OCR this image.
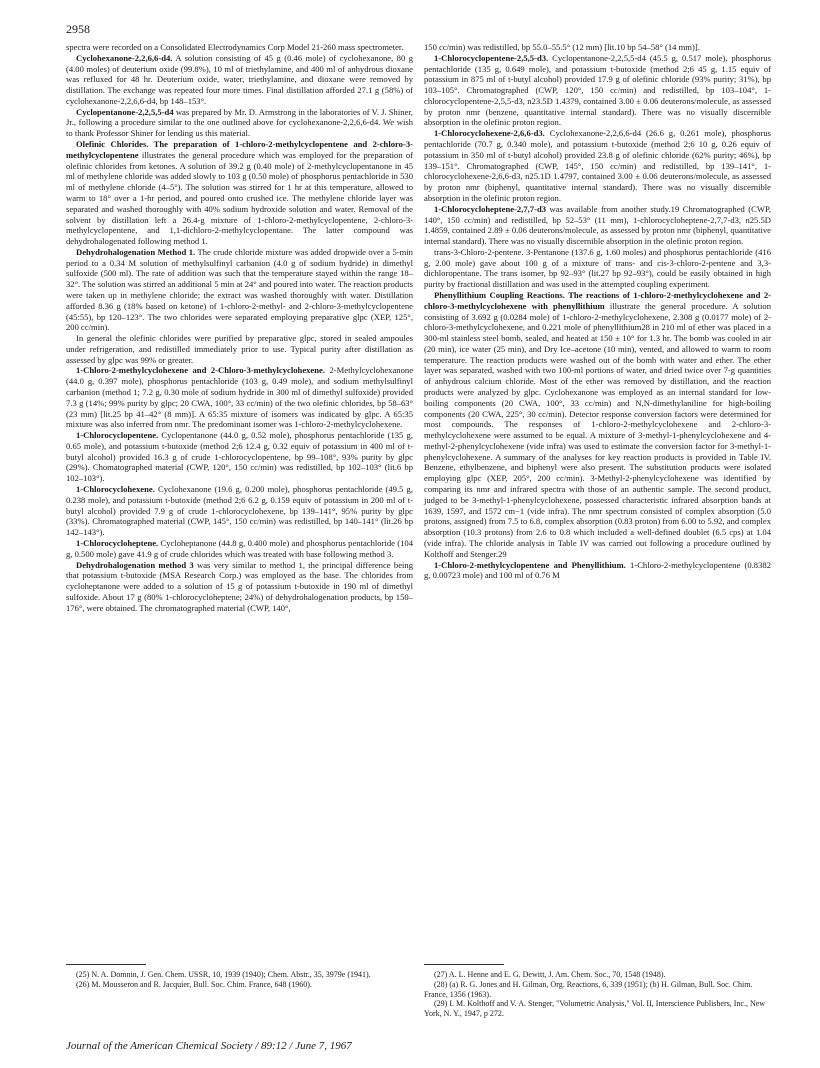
2958

spectra were recorded on a Consolidated Electrodynamics Corp Model 21-260 mass spectrometer.

Cyclohexanone-2,2,6,6-d4. A solution consisting of 45 g (0.46 mole) of cyclohexanone, 80 g (4.00 moles) of deuterium oxide (99.8%), 10 ml of triethylamine, and 400 ml of anhydrous dioxane was refluxed for 48 hr. Deuterium oxide, water, triethylamine, and dioxane were removed by distillation. The exchange was repeated four more times. Final distillation afforded 27.1 g (58%) of cyclohexanone-2,2,6,6-d4, bp 148–153°.

Cyclopentanone-2,2,5,5-d4 was prepared by Mr. D. Armstrong in the laboratories of V. J. Shiner, Jr., following a procedure similar to the one outlined above for cyclohexanone-2,2,6,6-d4. We wish to thank Professor Shiner for lending us this material.

Olefinic Chlorides. The preparation of 1-chloro-2-methylcyclopentene and 2-chloro-3-methylcyclopentene illustrates the general procedure which was employed for the preparation of olefinic chlorides from ketones. A solution of 39.2 g (0.40 mole) of 2-methylcyclopentanone in 45 ml of methylene chloride was added slowly to 103 g (0.50 mole) of phosphorus pentachloride in 530 ml of methylene chloride (4–5°). The solution was stirred for 1 hr at this temperature, allowed to warm to 18° over a 1-hr period, and poured onto crushed ice. The methylene chloride layer was separated and washed thoroughly with 40% sodium hydroxide solution and water. Removal of the solvent by distillation left a 26.4-g mixture of 1-chloro-2-methylcyclopentene, 2-chloro-3-methylcyclopentene, and 1,1-dichloro-2-methylcyclopentane. The latter compound was dehydrohalogenated following method 1.

Dehydrohalogenation Method 1. The crude chloride mixture was added dropwide over a 5-min period to a 0.34 M solution of methylsulfinyl carbanion (4.0 g of sodium hydride) in dimethyl sulfoxide (500 ml). The rate of addition was such that the temperature stayed within the range 18–32°. The solution was stirred an additional 5 min at 24° and poured into water. The reaction products were taken up in methylene chloride; the extract was washed thoroughly with water. Distillation afforded 8.36 g (18% based on ketone) of 1-chloro-2-methyl- and 2-chloro-3-methylcyclopentene (45:55), bp 120–123°. The two chlorides were separated employing preparative glpc (XEP, 125°, 200 cc/min).

In general the olefinic chlorides were purified by preparative glpc, stored in sealed ampoules under refrigeration, and redistilled immediately prior to use. Typical purity after distillation as assessed by glpc was 99% or greater.

1-Chloro-2-methylcyclohexene and 2-Chloro-3-methylcyclohexene. 2-Methylcyclohexanone (44.0 g, 0.397 mole), phosphorus pentachloride (103 g, 0.49 mole), and sodium methylsulfinyl carbanion (method 1; 7.2 g, 0.30 mole of sodium hydride in 300 ml of dimethyl sulfoxide) provided 7.3 g (14%; 99% purity by glpc; 20 CWA, 100°, 33 cc/min) of the two olefinic chlorides, bp 58–63° (23 mm) [lit.25 bp 41–42° (8 mm)]. A 65:35 mixture of isomers was indicated by glpc. A 65:35 mixture was also inferred from nmr. The predominant isomer was 1-chloro-2-methylcyclohexene.

1-Chlorocyclopentene. Cyclopentanone (44.0 g, 0.52 mole), phosphorus pentachloride (135 g, 0.65 mole), and potassium t-butoxide (method 2;6 12.4 g, 0.32 equiv of potassium in 400 ml of t-butyl alcohol) provided 16.3 g of crude 1-chlorocyclopentene, bp 99–108°, 93% purity by glpc (29%). Chomatographed material (CWP, 120°, 150 cc/min) was redistilled, bp 102–103° (lit.6 bp 102–103°).

1-Chlorocyclohexene. Cyclohexanone (19.6 g, 0.200 mole), phosphorus pentachloride (49.5 g, 0.238 mole), and potassium t-butoxide (method 2;6 6.2 g, 0.159 equiv of potassium in 200 ml of t-butyl alcohol) provided 7.9 g of crude 1-chlorocyclohexene, bp 139–141°, 95% purity by glpc (33%). Chromatographed material (CWP, 145°, 150 cc/min) was redistilled, bp 140–141° (lit.26 bp 142–143°).

1-Chlorocycloheptene. Cycloheptanone (44.8 g, 0.400 mole) and phosphorus pentachloride (104 g, 0.500 mole) gave 41.9 g of crude chlorides which was treated with base following method 3.

Dehydrohalogenation method 3 was very similar to method 1, the principal difference being that potassium t-butoxide (MSA Research Corp.) was employed as the base. The chlorides from cycloheptanone were added to a solution of 15 g of potassium t-butoxide in 190 ml of dimethyl sulfoxide. About 17 g (80% 1-chlorocycloheptene; 24%) of dehydrohalogenation products, bp 150–176°, were obtained. The chromatographed material (CWP, 140°,

150 cc/min) was redistilled, bp 55.0–55.5° (12 mm) [lit.10 bp 54–58° (14 mm)].

1-Chlorocyclopentene-2,5,5-d3. Cyclopentanone-2,2,5,5-d4 (45.5 g, 0.517 mole), phosphorus pentachloride (135 g, 0.649 mole), and potassium t-butoxide (method 2;6 45 g, 1.15 equiv of potassium in 875 ml of t-butyl alcohol) provided 17.9 g of olefinic chloride (93% purity; 31%), bp 103–105°. Chromatographed (CWP, 120°, 150 cc/min) and redistilled, bp 103–104°, 1-chlorocyclopentene-2,5,5-d3, n23.5D 1.4379, contained 3.00 ± 0.06 deuterons/molecule, as assessed by proton nmr (benzene, quantitative internal standard). There was no visually discernible absorption in the olefinic proton region.

1-Chlorocyclohexene-2,6,6-d3. Cyclohexanone-2,2,6,6-d4 (26.6 g, 0.261 mole), phosphorus pentachloride (70.7 g, 0.340 mole), and potassium t-butoxide (method 2;6 10 g, 0.26 equiv of potassium in 350 ml of t-butyl alcohol) provided 23.8 g of olefinic chloride (62% purity; 46%), bp 139–151°. Chromatographed (CWP, 145°, 150 cc/min) and redistilled, bp 139–141°, 1-chlorocyclohexene-2,6,6-d3, n25.1D 1.4797, contained 3.00 ± 0.06 deuterons/molecule, as assessed by proton nmr (biphenyl, quantitative internal standard). There was no visually discernible absorption in the olefinic proton region.

1-Chlorocycloheptene-2,7,7-d3 was available from another study.19 Chromatographed (CWP, 140°, 150 cc/min) and redistilled, bp 52–53° (11 mm), 1-chlorocycloheptene-2,7,7-d3, n25.5D 1.4859, contained 2.89 ± 0.06 deuterons/molecule, as assessed by proton nmr (biphenyl, quantitative internal standard). There was no visually discernible absorption in the olefinic proton region.

trans-3-Chloro-2-pentene. 3-Pentanone (137.6 g, 1.60 moles) and phosphorus pentachloride (416 g, 2.00 mole) gave about 100 g of a mixture of trans- and cis-3-chloro-2-pentene and 3,3-dichloropentane. The trans isomer, bp 92–93° (lit.27 bp 92–93°), could be easily obtained in high purity by fractional distillation and was used in the attempted coupling experiment.

Phenyllithium Coupling Reactions. The reactions of 1-chloro-2-methylcyclohexene and 2-chloro-3-methylcyclohexene with phenyllithium illustrate the general procedure. A solution consisting of 3.692 g (0.0284 mole) of 1-chloro-2-methylcyclohexene, 2.308 g (0.0177 mole) of 2-chloro-3-methylcyclohexene, and 0.221 mole of phenyllithium28 in 210 ml of ether was placed in a 300-ml stainless steel bomb, sealed, and heated at 150 ± 10° for 1.3 hr. The bomb was cooled in air (20 min), ice water (25 min), and Dry Ice–acetone (10 min), vented, and allowed to warm to room temperature. The reaction products were washed out of the bomb with water and ether. The ether layer was separated, washed with two 100-ml portions of water, and dried twice over 7-g quantities of anhydrous calcium chloride. Most of the ether was removed by distillation, and the reaction products were analyzed by glpc. Cyclohexanone was employed as an internal standard for low-boiling components (20 CWA, 100°, 33 cc/min) and N,N-dimethylaniline for high-boiling components (20 CWA, 225°, 30 cc/min). Detector response conversion factors were determined for most compounds. The responses of 1-chloro-2-methylcyclohexene and 2-chloro-3-methylcyclohexene were assumed to be equal. A mixture of 3-methyl-1-phenylcyclohexene and 4-methyl-2-phenylcyclohexene (vide infra) was used to estimate the conversion factor for 3-methyl-1-phenylcyclohexene. A summary of the analyses for key reaction products is provided in Table IV. Benzene, ethylbenzene, and biphenyl were also present. The substitution products were isolated employing glpc (XEP, 205°, 200 cc/min). 3-Methyl-2-phenylcyclohexene was identified by comparing its nmr and infrared spectra with those of an authentic sample. The second product, judged to be 3-methyl-1-phenylcyclohexene, possessed characteristic infrared absorption bands at 1639, 1597, and 1572 cm−1 (vide infra). The nmr spectrum consisted of complex absorption (5.0 protons, assigned) from 7.5 to 6.8, complex absorption (0.83 proton) from 6.00 to 5.92, and complex absorption (10.3 protons) from 2.6 to 0.8 which included a well-defined doublet (6.5 cps) at 1.04 (vide infra). The chloride analysis in Table IV was carried out following a procedure outlined by Kolthoff and Stenger.29

1-Chloro-2-methylcyclopentene and Phenyllithium. 1-Chloro-2-methylcyclopentene (0.8382 g, 0.00723 mole) and 100 ml of 0.76 M

(25) N. A. Domnin, J. Gen. Chem. USSR, 10, 1939 (1940); Chem. Abstr., 35, 3979e (1941).

(26) M. Mousseron and R. Jacquier, Bull. Soc. Chim. France, 648 (1960).

(27) A. L. Henne and E. G. Dewitt, J. Am. Chem. Soc., 70, 1548 (1948).

(28) (a) R. G. Jones and H. Gilman, Org. Reactions, 6, 339 (1951); (b) H. Gilman, Bull. Soc. Chim. France, 1356 (1963).

(29) I. M. Kolthoff and V. A. Stenger, "Volumetric Analysis," Vol. II, Interscience Publishers, Inc., New York, N. Y., 1947, p 272.

Journal of the American Chemical Society / 89:12 / June 7, 1967
